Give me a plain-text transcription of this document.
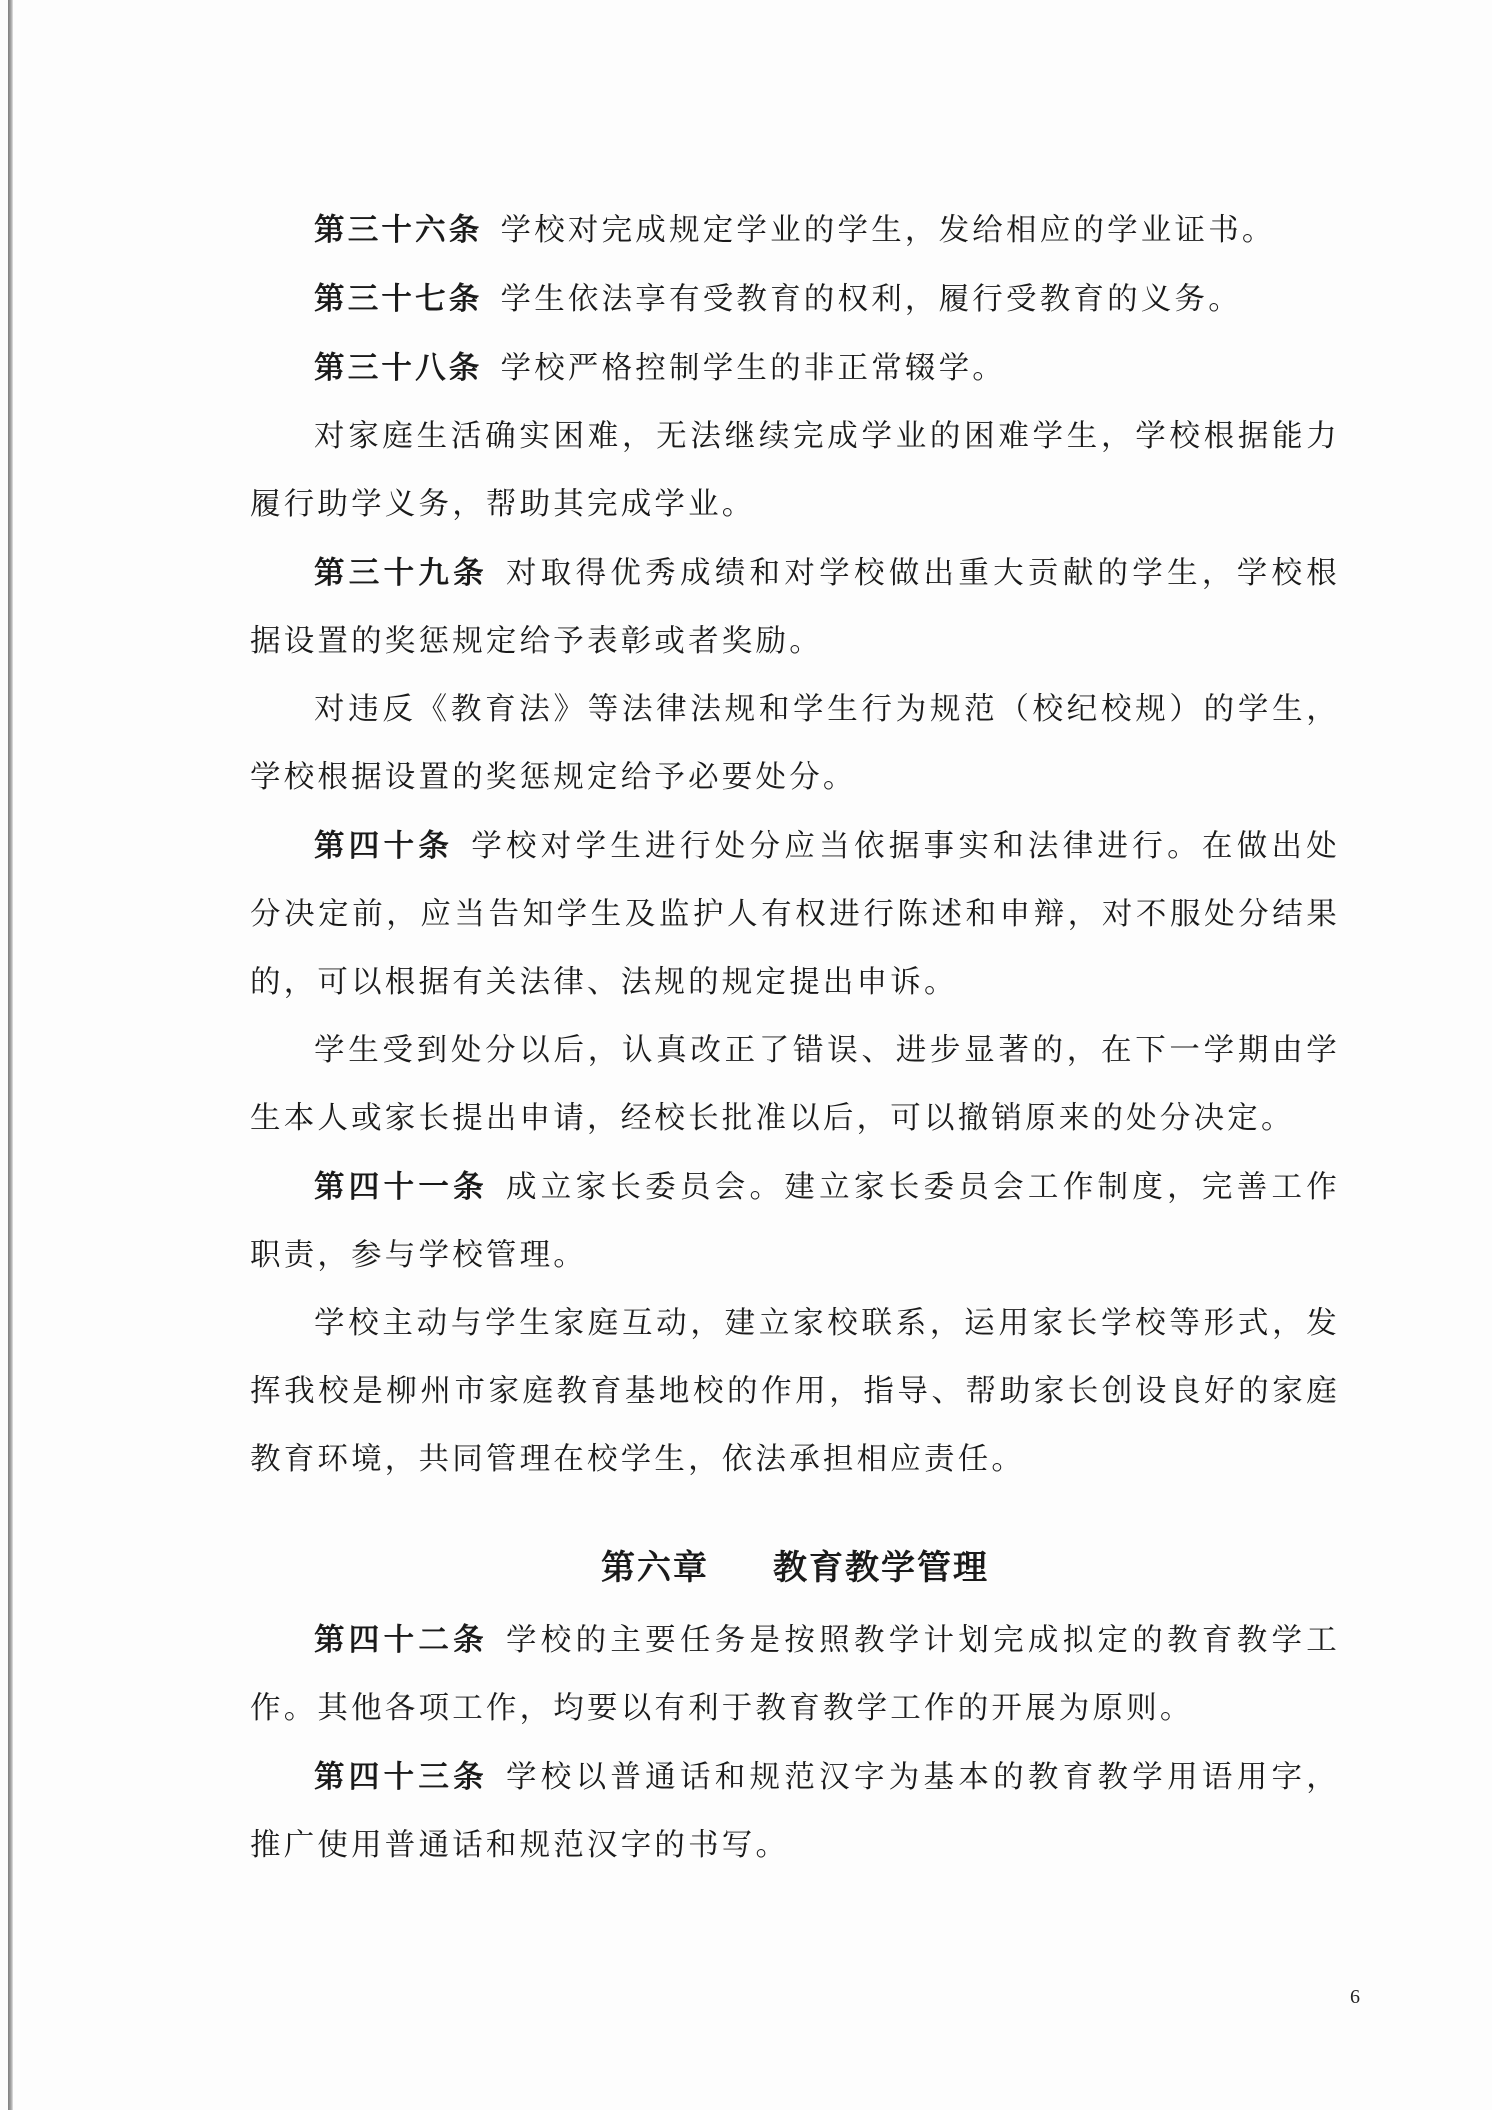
第三十六条 学校对完成规定学业的学生，发给相应的学业证书。

第三十七条 学生依法享有受教育的权利，履行受教育的义务。

第三十八条 学校严格控制学生的非正常辍学。

对家庭生活确实困难，无法继续完成学业的困难学生，学校根据能力履行助学义务，帮助其完成学业。

第三十九条 对取得优秀成绩和对学校做出重大贡献的学生，学校根据设置的奖惩规定给予表彰或者奖励。

对违反《教育法》等法律法规和学生行为规范（校纪校规）的学生，学校根据设置的奖惩规定给予必要处分。

第四十条 学校对学生进行处分应当依据事实和法律进行。在做出处分决定前，应当告知学生及监护人有权进行陈述和申辩，对不服处分结果的，可以根据有关法律、法规的规定提出申诉。

学生受到处分以后，认真改正了错误、进步显著的，在下一学期由学生本人或家长提出申请，经校长批准以后，可以撤销原来的处分决定。

第四十一条 成立家长委员会。建立家长委员会工作制度，完善工作职责，参与学校管理。

学校主动与学生家庭互动，建立家校联系，运用家长学校等形式，发挥我校是柳州市家庭教育基地校的作用，指导、帮助家长创设良好的家庭教育环境，共同管理在校学生，依法承担相应责任。

第六章 教育教学管理

第四十二条 学校的主要任务是按照教学计划完成拟定的教育教学工作。其他各项工作，均要以有利于教育教学工作的开展为原则。

第四十三条 学校以普通话和规范汉字为基本的教育教学用语用字，推广使用普通话和规范汉字的书写。

6
